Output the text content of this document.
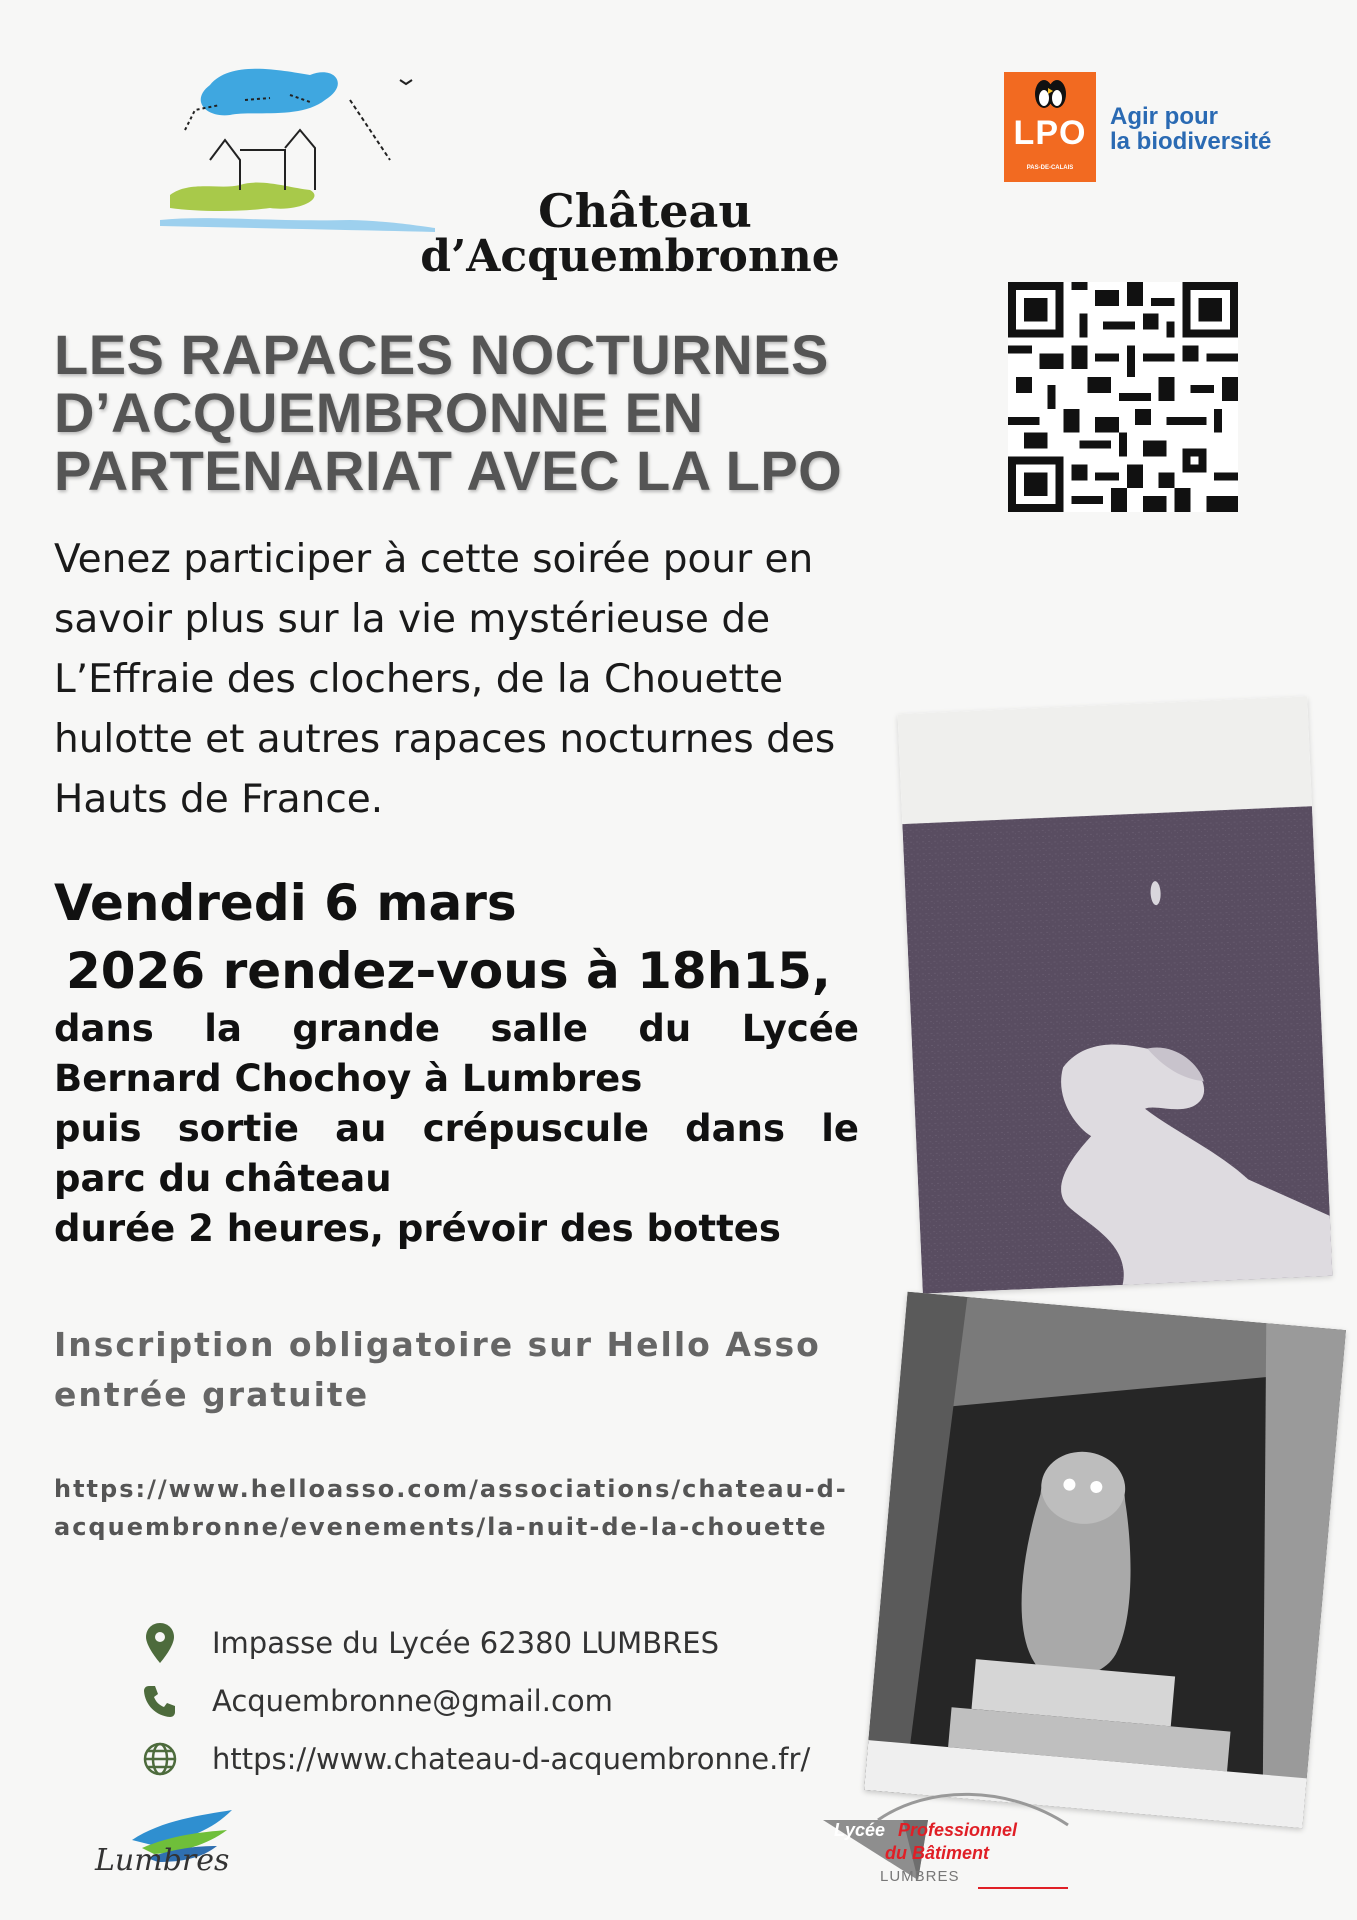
Château
d’Acquembronne
LPO
PAS-DE-CALAIS
Agir pour
la biodiversité
LES RAPACES NOCTURNES
D’ACQUEMBRONNE EN
PARTENARIAT AVEC LA LPO
Venez participer à cette soirée pour en savoir plus sur la vie mystérieuse de L’Effraie des clochers, de la Chouette hulotte et autres rapaces nocturnes des Hauts de France.
Vendredi 6 mars
2026 rendez-vous à 18h15,
dans la grande salle du Lycée
Bernard Chochoy à Lumbres
puis sortie au crépuscule dans le
parc du château
durée 2 heures, prévoir des bottes
Inscription obligatoire sur Hello Asso
entrée gratuite
https://www.helloasso.com/associations/chateau-d-
acquembronne/evenements/la-nuit-de-la-chouette
Impasse du Lycée 62380 LUMBRES
Acquembronne@gmail.com
https://www.chateau-d-acquembronne.fr/
Lumbres
Lycée Professionnel
du Bâtiment
LUMBRES
